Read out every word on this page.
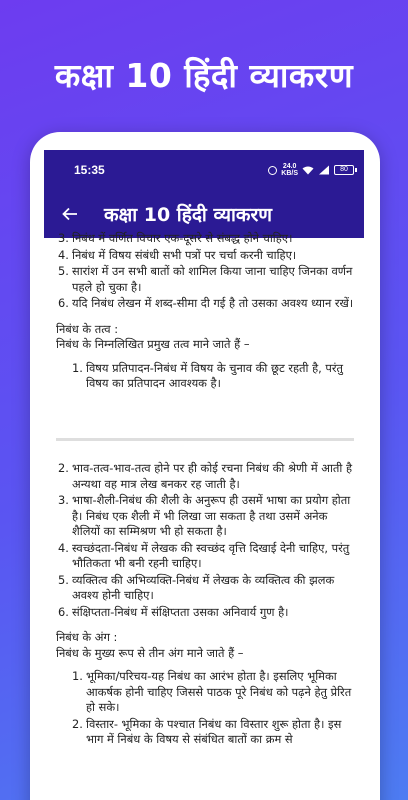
कक्षा 10 हिंदी व्याकरण
15:35	24.0
KB/S
80
कक्षा 10 हिंदी व्याकरण
3. निबंध में वर्णित विचार एक-दूसरे से संबद्ध होने चाहिए।
4. निबंध में विषय संबंधी सभी पत्रों पर चर्चा करनी चाहिए।
5. सारांश में उन सभी बातों को शामिल किया जाना चाहिए जिनका वर्णन पहले हो चुका है।
6. यदि निबंध लेखन में शब्द-सीमा दी गई है तो उसका अवश्य ध्यान रखें।
निबंध के तत्व :
निबंध के निम्नलिखित प्रमुख तत्व माने जाते हैं –
1. विषय प्रतिपादन-निबंध में विषय के चुनाव की छूट रहती है, परंतु विषय का प्रतिपादन आवश्यक है।
2. भाव-तत्व-भाव-तत्व होने पर ही कोई रचना निबंध की श्रेणी में आती है अन्यथा वह मात्र लेख बनकर रह जाती है।
3. भाषा-शैली-निबंध की शैली के अनुरूप ही उसमें भाषा का प्रयोग होता है। निबंध एक शैली में भी लिखा जा सकता है तथा उसमें अनेक शैलियों का सम्मिश्रण भी हो सकता है।
4. स्वच्छंदता-निबंध में लेखक की स्वच्छंद वृत्ति दिखाई देनी चाहिए, परंतु भौतिकता भी बनी रहनी चाहिए।
5. व्यक्तित्व की अभिव्यक्ति-निबंध में लेखक के व्यक्तित्व की झलक अवश्य होनी चाहिए।
6. संक्षिप्तता-निबंध में संक्षिप्तता उसका अनिवार्य गुण है।
निबंध के अंग :
निबंध के मुख्य रूप से तीन अंग माने जाते हैं –
1. भूमिका/परिचय-यह निबंध का आरंभ होता है। इसलिए भूमिका आकर्षक होनी चाहिए जिससे पाठक पूरे निबंध को पढ़ने हेतु प्रेरित हो सके।
2. विस्तार- भूमिका के पश्चात निबंध का विस्तार शुरू होता है। इस भाग में निबंध के विषय से संबंधित बातों का क्रम से
